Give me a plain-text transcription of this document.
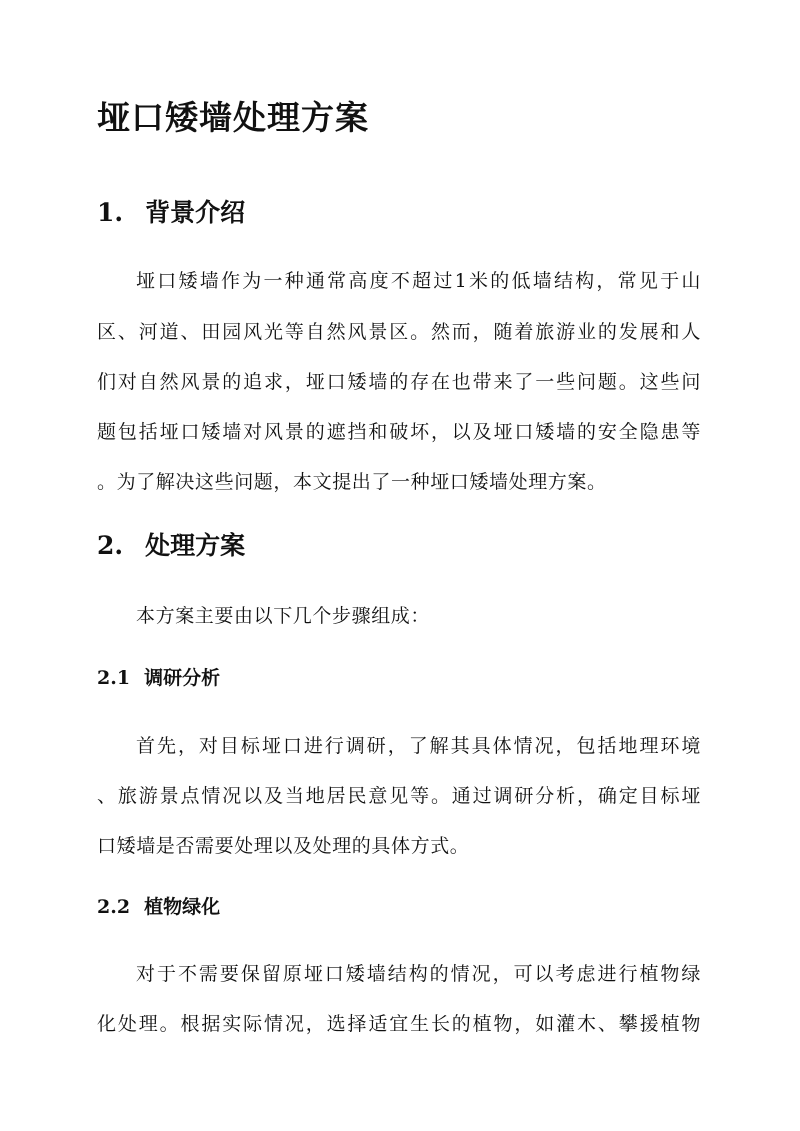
垭口矮墙处理方案
1. 背景介绍

垭口矮墙作为一种通常高度不超过1米的低墙结构，常见于山

区、河道、田园风光等自然风景区。然而，随着旅游业的发展和人

们对自然风景的追求，垭口矮墙的存在也带来了一些问题。这些问

题包括垭口矮墙对风景的遮挡和破坏，以及垭口矮墙的安全隐患等

。为了解决这些问题，本文提出了一种垭口矮墙处理方案。

2. 处理方案

本方案主要由以下几个步骤组成：

2.1 调研分析

首先，对目标垭口进行调研，了解其具体情况，包括地理环境

、旅游景点情况以及当地居民意见等。通过调研分析，确定目标垭

口矮墙是否需要处理以及处理的具体方式。

2.2 植物绿化

对于不需要保留原垭口矮墙结构的情况，可以考虑进行植物绿

化处理。根据实际情况，选择适宜生长的植物，如灌木、攀援植物
